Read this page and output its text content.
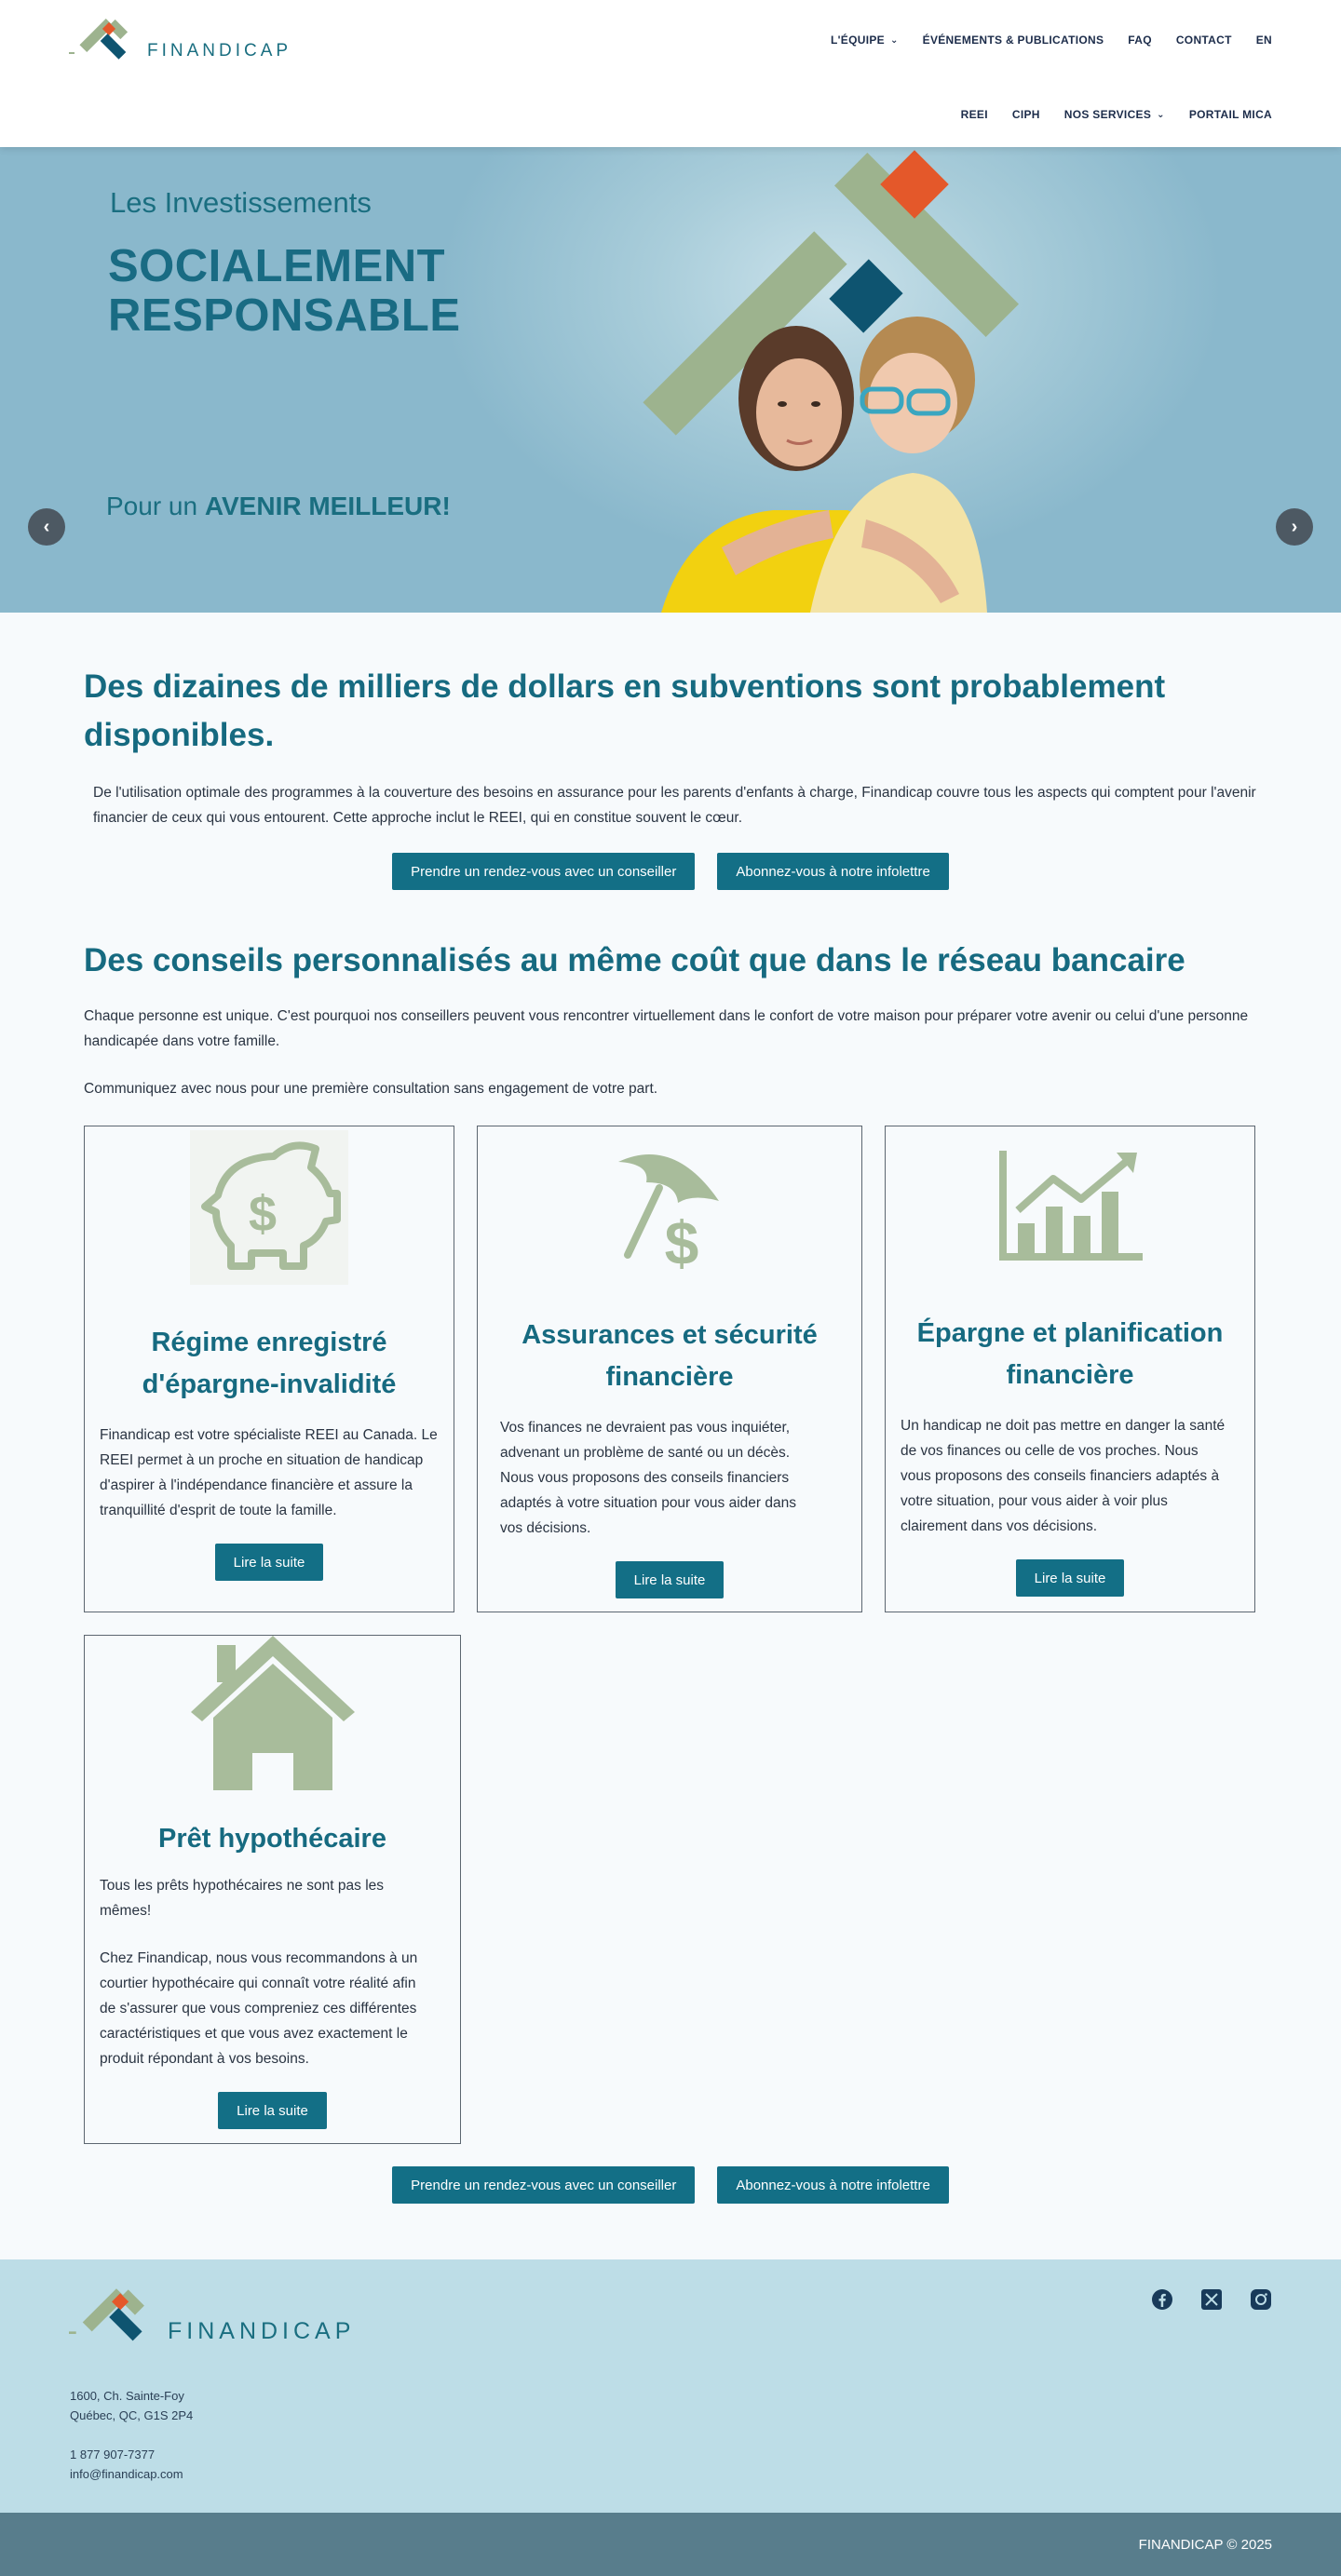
FINANDICAP
L'ÉQUIPE ⌄ ÉVÉNEMENTS & PUBLICATIONS FAQ CONTACT EN
REEI CIPH NOS SERVICES ⌄ PORTAIL MICA
Les Investissements
SOCIALEMENT
RESPONSABLE
Pour un AVENIR MEILLEUR!
‹	›
Des dizaines de milliers de dollars en subventions sont probablement disponibles.

De l'utilisation optimale des programmes à la couverture des besoins en assurance pour les parents d'enfants à charge, Finandicap couvre tous les aspects qui comptent pour l'avenir financier de ceux qui vous entourent. Cette approche inclut le REEI, qui en constitue souvent le cœur.

Prendre un rendez-vous avec un conseiller	Abonnez-vous à notre infolettre
Des conseils personnalisés au même coût que dans le réseau bancaire

Chaque personne est unique. C'est pourquoi nos conseillers peuvent vous rencontrer virtuellement dans le confort de votre maison pour préparer votre avenir ou celui d'une personne handicapée dans votre famille.

Communiquez avec nous pour une première consultation sans engagement de votre part.

$
Régime enregistré d'épargne-invalidité
Finandicap est votre spécialiste REEI au Canada. Le REEI permet à un proche en situation de handicap d'aspirer à l'indépendance financière et assure la tranquillité d'esprit de toute la famille.
Lire la suite
$
Assurances et sécurité financière
Vos finances ne devraient pas vous inquiéter, advenant un problème de santé ou un décès. Nous vous proposons des conseils financiers adaptés à votre situation pour vous aider dans vos décisions.
Lire la suite
Épargne et planification financière
Un handicap ne doit pas mettre en danger la santé de vos finances ou celle de vos proches. Nous vous proposons des conseils financiers adaptés à votre situation, pour vous aider à voir plus clairement dans vos décisions.
Lire la suite
Prêt hypothécaire
Tous les prêts hypothécaires ne sont pas les mêmes!
Chez Finandicap, nous vous recommandons à un courtier hypothécaire qui connaît votre réalité afin de s'assurer que vous compreniez ces différentes caractéristiques et que vous avez exactement le produit répondant à vos besoins.
Lire la suite
Prendre un rendez-vous avec un conseiller	Abonnez-vous à notre infolettre
FINANDICAP
1600, Ch. Sainte-Foy
Québec, QC, G1S 2P4
1 877 907-7377
info@finandicap.com
FINANDICAP © 2025
